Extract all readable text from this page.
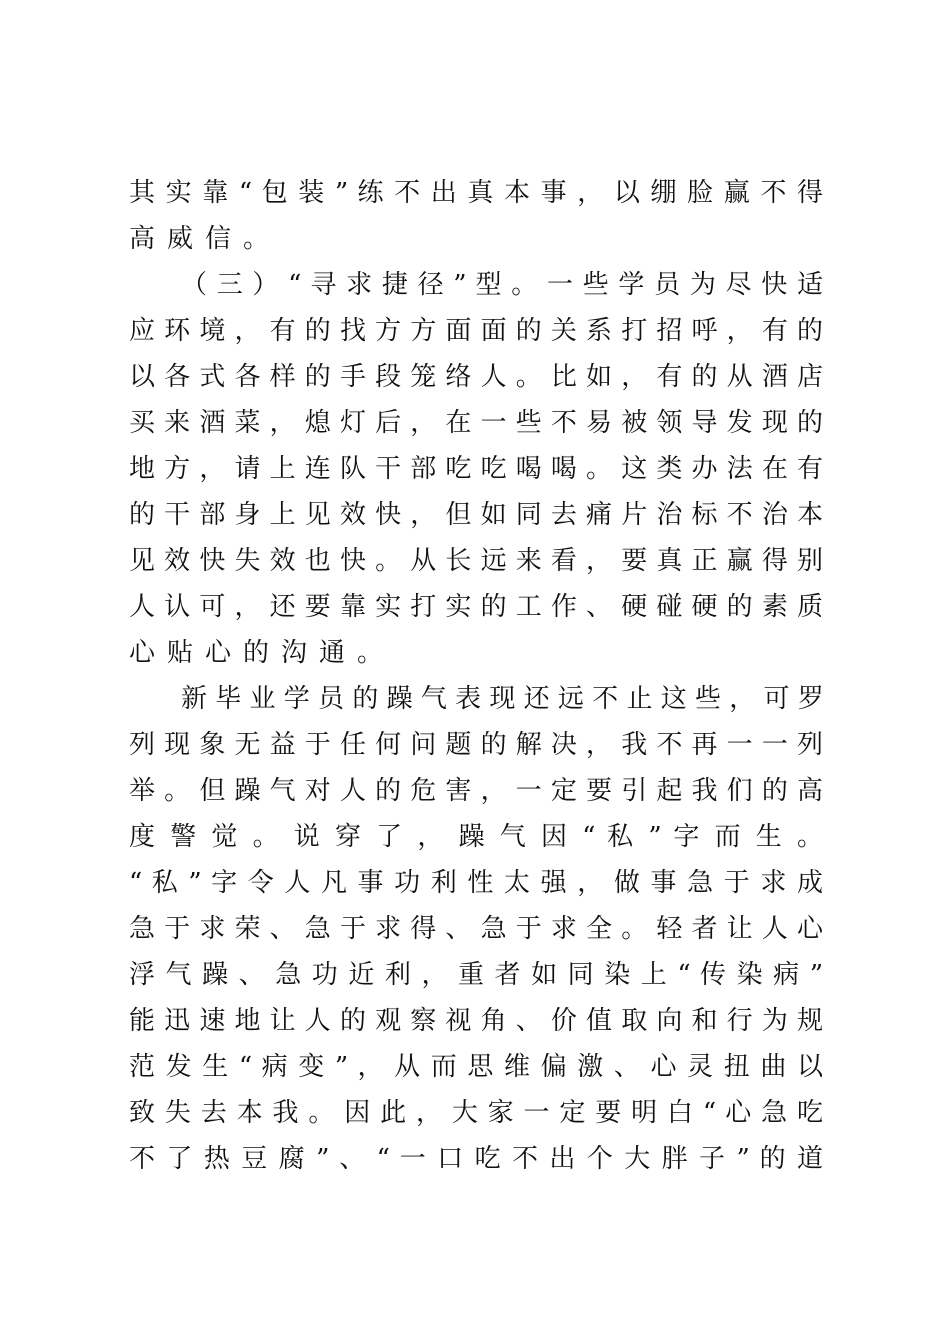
其 实 靠 “ 包 装 ” 练 不 出 真 本 事 ， 以 绷 脸 赢 不 得
高威信。
（ 三 ） “ 寻 求 捷 径 ” 型 。 一 些 学 员 为 尽 快 适
应 环 境 ， 有 的 找 方 方 面 面 的 关 系 打 招 呼 ， 有 的
以 各 式 各 样 的 手 段 笼 络 人 。 比 如 ， 有 的 从 酒 店
买 来 酒 菜 ， 熄 灯 后 ， 在 一 些 不 易 被 领 导 发 现 的
地 方 ， 请 上 连 队 干 部 吃 吃 喝 喝 。 这 类 办 法 在 有
的 干 部 身 上 见 效 快 ， 但 如 同 去 痛 片 治 标 不 治 本
见 效 快 失 效 也 快 。 从 长 远 来 看 ， 要 真 正 赢 得 别
人 认 可 ， 还 要 靠 实 打 实 的 工 作 、 硬 碰 硬 的 素 质
心贴心的沟通。
新 毕 业 学 员 的 躁 气 表 现 还 远 不 止 这 些 ， 可 罗
列 现 象 无 益 于 任 何 问 题 的 解 决 ， 我 不 再 一 一 列
举 。 但 躁 气 对 人 的 危 害 ， 一 定 要 引 起 我 们 的 高
度 警 觉 。 说 穿 了 ， 躁 气 因 “ 私 ” 字 而 生 。
“ 私 ” 字 令 人 凡 事 功 利 性 太 强 ， 做 事 急 于 求 成
急 于 求 荣 、 急 于 求 得 、 急 于 求 全 。 轻 者 让 人 心
浮 气 躁 、 急 功 近 利 ， 重 者 如 同 染 上 “ 传 染 病 ”
能 迅 速 地 让 人 的 观 察 视 角 、 价 值 取 向 和 行 为 规
范 发 生 “ 病 变 ” ， 从 而 思 维 偏 激 、 心 灵 扭 曲 以
致 失 去 本 我 。 因 此 ， 大 家 一 定 要 明 白 “ 心 急 吃
不 了 热 豆 腐 ” 、 “ 一 口 吃 不 出 个 大 胖 子 ” 的 道
